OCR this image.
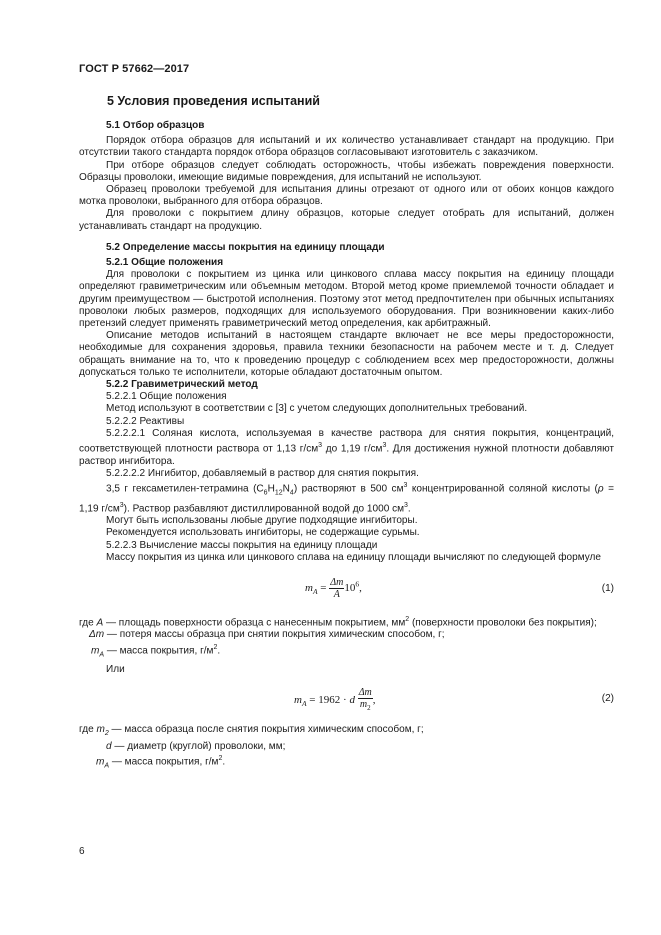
ГОСТ Р 57662—2017
5 Условия проведения испытаний

5.1 Отбор образцов

Порядок отбора образцов для испытаний и их количество устанавливает стандарт на продукцию. При отсутствии такого стандарта порядок отбора образцов согласовывают изготовитель с заказчиком.

При отборе образцов следует соблюдать осторожность, чтобы избежать повреждения поверхности. Образцы проволоки, имеющие видимые повреждения, для испытаний не используют.

Образец проволоки требуемой для испытания длины отрезают от одного или от обоих концов каждого мотка проволоки, выбранного для отбора образцов.

Для проволоки с покрытием длину образцов, которые следует отобрать для испытаний, должен устанавливать стандарт на продукцию.

5.2 Определение массы покрытия на единицу площади

5.2.1 Общие положения

Для проволоки с покрытием из цинка или цинкового сплава массу покрытия на единицу площади определяют гравиметрическим или объемным методом. Второй метод кроме приемлемой точности обладает и другим преимуществом — быстротой исполнения. Поэтому этот метод предпочтителен при обычных испытаниях проволоки любых размеров, подходящих для используемого оборудования. При возникновении каких-либо претензий следует применять гравиметрический метод определения, как арбитражный.

Описание методов испытаний в настоящем стандарте включает не все меры предосторожности, необходимые для сохранения здоровья, правила техники безопасности на рабочем месте и т. д. Следует обращать внимание на то, что к проведению процедур с соблюдением всех мер предосторожности, должны допускаться только те исполнители, которые обладают достаточным опытом.

5.2.2 Гравиметрический метод

5.2.2.1 Общие положения

Метод используют в соответствии с [3] с учетом следующих дополнительных требований.

5.2.2.2 Реактивы

5.2.2.2.1 Соляная кислота, используемая в качестве раствора для снятия покрытия, концентраций, соответствующей плотности раствора от 1,13 $г/см^3$ до 1,19 $г/см^3$. Для достижения нужной плотности добавляют раствор ингибитора.

5.2.2.2.2 Ингибитор, добавляемый в раствор для снятия покрытия.

3,5 г гексаметилен-тетрамина $(C_6H_{12}N_4)$ растворяют в 500 $см^3$ концентрированной соляной кислоты (ρ = 1,19 $г/см^3$). Раствор разбавляют дистиллированной водой до 1000 $см^3$.

Могут быть использованы любые другие подходящие ингибиторы.

Рекомендуется использовать ингибиторы, не содержащие сурьмы.

5.2.2.3 Вычисление массы покрытия на единицу площади

Массу покрытия из цинка или цинкового сплава на единицу площади вычисляют по следующей формуле

$m_A = \frac{\Delta m}{A} 10^6$,	(1)

где A — площадь поверхности образца с нанесенным покрытием, $мм^2$ (поверхности проволоки без покрытия);

Δm — потеря массы образца при снятии покрытия химическим способом, г;

$m_A$ — масса покрытия, $г/м^2$.

Или

$m_A = 1962 \cdot d \frac{\Delta m}{m_2}$ ,	(2)

где $m_2$ — масса образца после снятия покрытия химическим способом, г;

d — диаметр (круглой) проволоки, мм;

$m_A$ — масса покрытия, $г/м^2$.

6
